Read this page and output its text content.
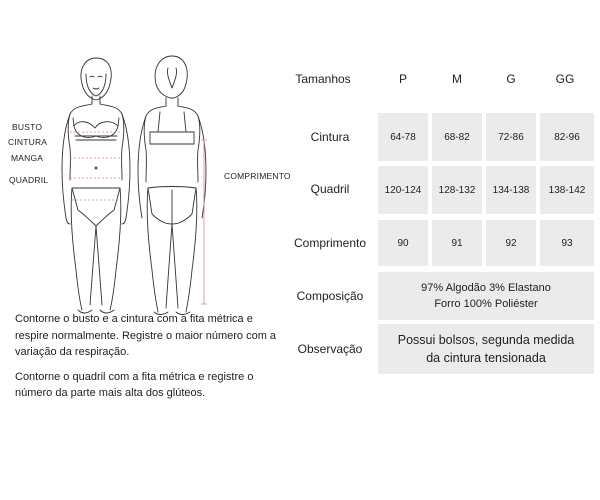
BUSTO
CINTURA
MANGA
QUADRIL	COMPRIMENTO

Contorne o busto e a cintura com a fita métrica e respire normalmente. Registre o maior número com a variação da respiração.

Contorne o quadril com a fita métrica e registre o número da parte mais alta dos glúteos.

Tamanhos	P	M	G	GG
Cintura	64-78	68-82	72-86	82-96
Quadril	120-124	128-132	134-138	138-142
Comprimento	90	91	92	93
Composição
97% Algodão 3% Elastano
Forro 100% Poliéster
Observação
Possui bolsos, segunda medida
da cintura tensionada
